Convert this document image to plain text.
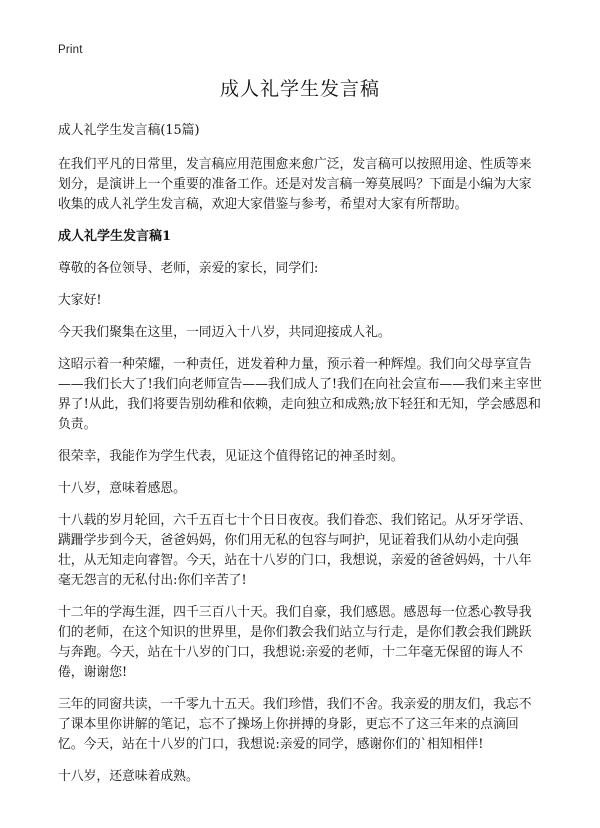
Print
成人礼学生发言稿

成人礼学生发言稿(15篇)

在我们平凡的日常里，发言稿应用范围愈来愈广泛，发言稿可以按照用途、性质等来划分，是演讲上一个重要的准备工作。还是对发言稿一筹莫展吗？下面是小编为大家收集的成人礼学生发言稿，欢迎大家借鉴与参考，希望对大家有所帮助。

成人礼学生发言稿1

尊敬的各位领导、老师，亲爱的家长，同学们:

大家好!

今天我们聚集在这里，一同迈入十八岁，共同迎接成人礼。

这昭示着一种荣耀，一种责任，迸发着种力量，预示着一种辉煌。我们向父母享宣告——我们长大了!我们向老师宣告——我们成人了!我们在向社会宣布——我们来主宰世界了!从此，我们将要告别幼稚和依赖，走向独立和成熟;放下轻狂和无知，学会感恩和负责。

很荣幸，我能作为学生代表，见证这个值得铭记的神圣时刻。

十八岁，意味着感恩。

十八载的岁月轮回，六千五百七十个日日夜夜。我们眷恋、我们铭记。从牙牙学语、蹒跚学步到今天，爸爸妈妈，你们用无私的包容与呵护，见证着我们从幼小走向强壮，从无知走向睿智。今天，站在十八岁的门口，我想说，亲爱的爸爸妈妈，十八年毫无怨言的无私付出:你们辛苦了!

十二年的学海生涯，四千三百八十天。我们自豪，我们感恩。感恩每一位悉心教导我们的老师，在这个知识的世界里，是你们教会我们站立与行走，是你们教会我们跳跃与奔跑。今天，站在十八岁的门口，我想说:亲爱的老师，十二年毫无保留的诲人不倦，谢谢您!

三年的同窗共读，一千零九十五天。我们珍惜，我们不舍。我亲爱的朋友们，我忘不了课本里你讲解的笔记，忘不了操场上你拼搏的身影，更忘不了这三年来的点滴回忆。今天，站在十八岁的门口，我想说:亲爱的同学，感谢你们的`相知相伴!

十八岁，还意味着成熟。
